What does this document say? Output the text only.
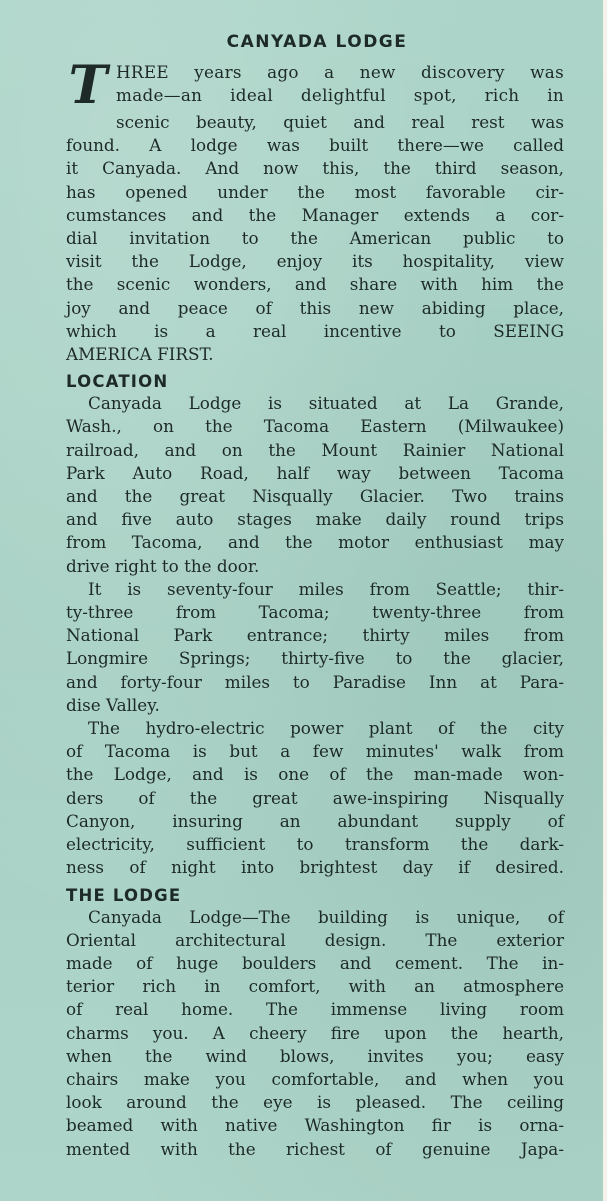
CANYADA LODGE
T HREE years ago a new discovery was
made—an ideal delightful spot, rich in
scenic beauty, quiet and real rest was
found. A lodge was built there—we called
it Canyada. And now this, the third season,
has opened under the most favorable cir-
cumstances and the Manager extends a cor-
dial invitation to the American public to
visit the Lodge, enjoy its hospitality, view
the scenic wonders, and share with him the
joy and peace of this new abiding place,
which is a real incentive to SEEING
AMERICA FIRST.
LOCATION
Canyada Lodge is situated at La Grande,
Wash., on the Tacoma Eastern (Milwaukee)
railroad, and on the Mount Rainier National
Park Auto Road, half way between Tacoma
and the great Nisqually Glacier. Two trains
and five auto stages make daily round trips
from Tacoma, and the motor enthusiast may
drive right to the door.
It is seventy-four miles from Seattle; thir-
ty-three from Tacoma; twenty-three from
National Park entrance; thirty miles from
Longmire Springs; thirty-five to the glacier,
and forty-four miles to Paradise Inn at Para-
dise Valley.
The hydro-electric power plant of the city
of Tacoma is but a few minutes' walk from
the Lodge, and is one of the man-made won-
ders of the great awe-inspiring Nisqually
Canyon, insuring an abundant supply of
electricity, sufficient to transform the dark-
ness of night into brightest day if desired.
THE LODGE
Canyada Lodge—The building is unique, of
Oriental architectural design. The exterior
made of huge boulders and cement. The in-
terior rich in comfort, with an atmosphere
of real home. The immense living room
charms you. A cheery fire upon the hearth,
when the wind blows, invites you; easy
chairs make you comfortable, and when you
look around the eye is pleased. The ceiling
beamed with native Washington fir is orna-
mented with the richest of genuine Japa-
